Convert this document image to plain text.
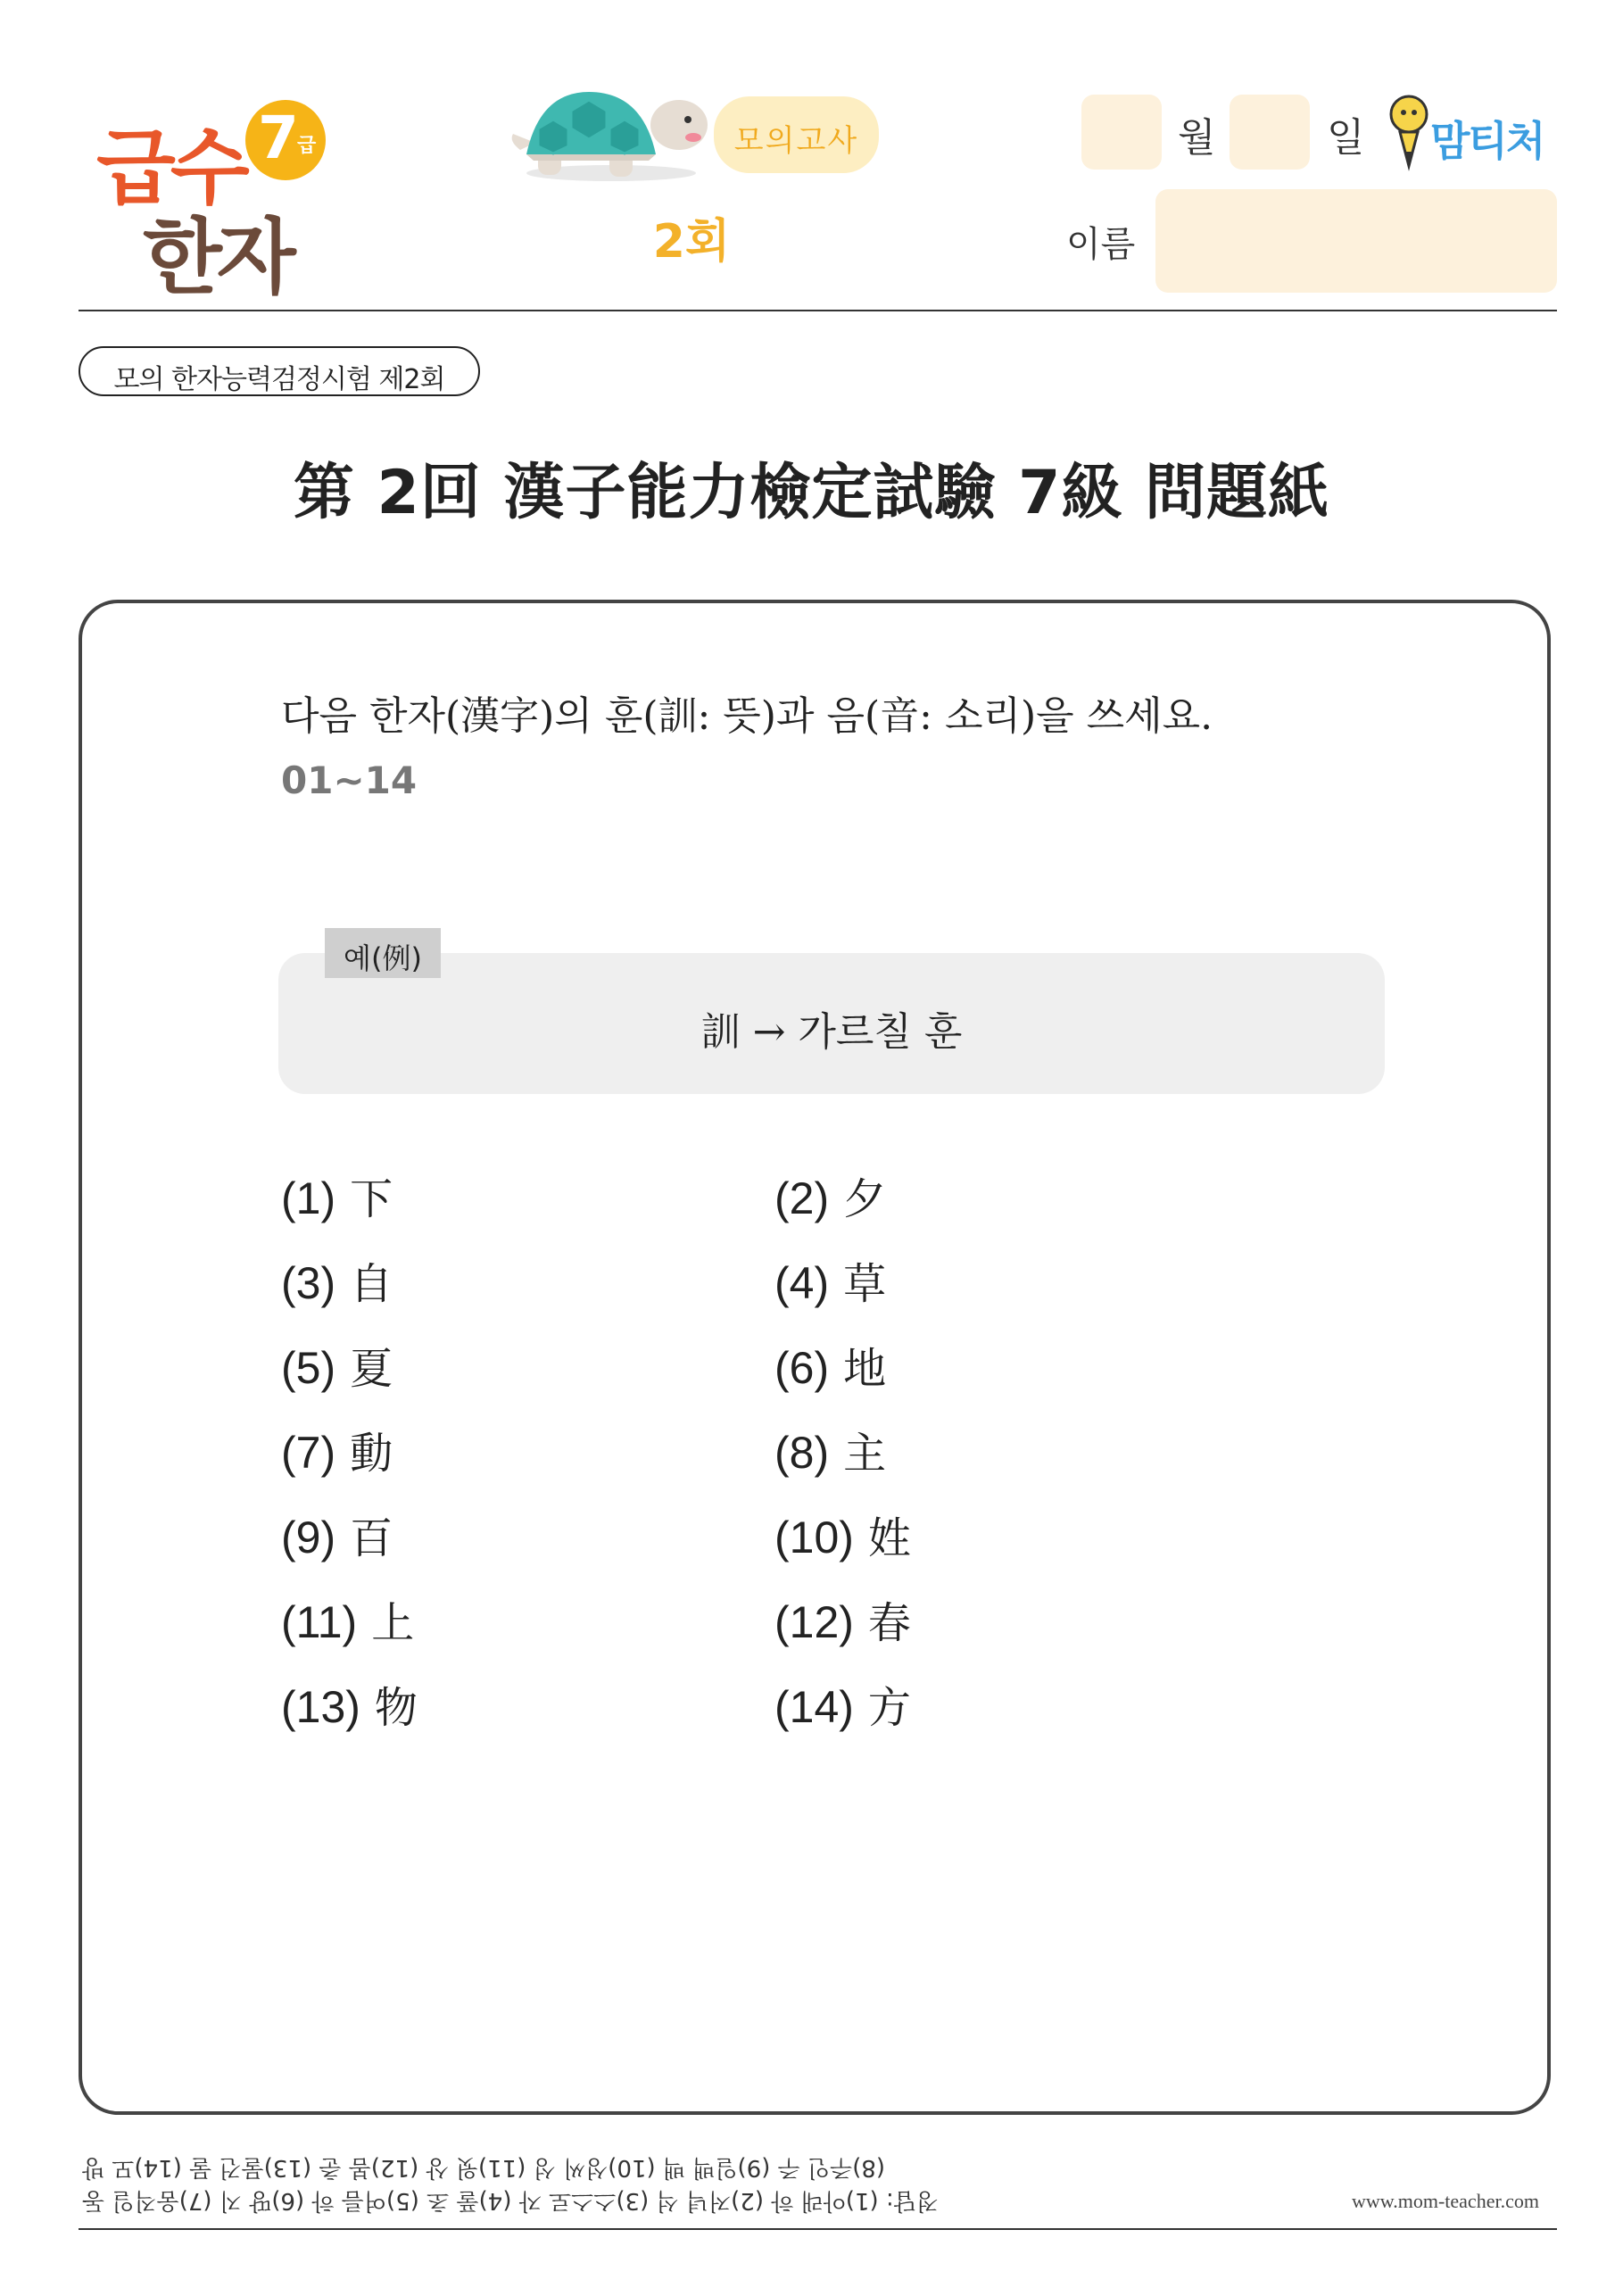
급수 7
급
한자
모의고사
2회
월	일 맘티처
이름
모의 한자능력검정시험 제2회
第 2回 漢子能力檢定試驗 7級 問題紙
다음 한자(漢字)의 훈(訓: 뜻)과 음(音: 소리)을 쓰세요.
01~14
예(例)
訓 → 가르칠 훈
(1) 下
(3) 自
(5) 夏
(7) 動
(9) 百
(11) 上
(13) 物
(2) 夕
(4) 草
(6) 地
(8) 主
(10) 姓
(12) 春
(14) 方
(8)주인 주 (9)일백 백 (10)성씨 성 (11)윗 상 (12)봄 춘 (13)물건 물 (14)모 방
정답: (1)아래 하 (2)저녁 석 (3)스스로 자 (4)풀 초 (5)여름 하 (6)땅 지 (7)움직일 동	www.mom-teacher.com
